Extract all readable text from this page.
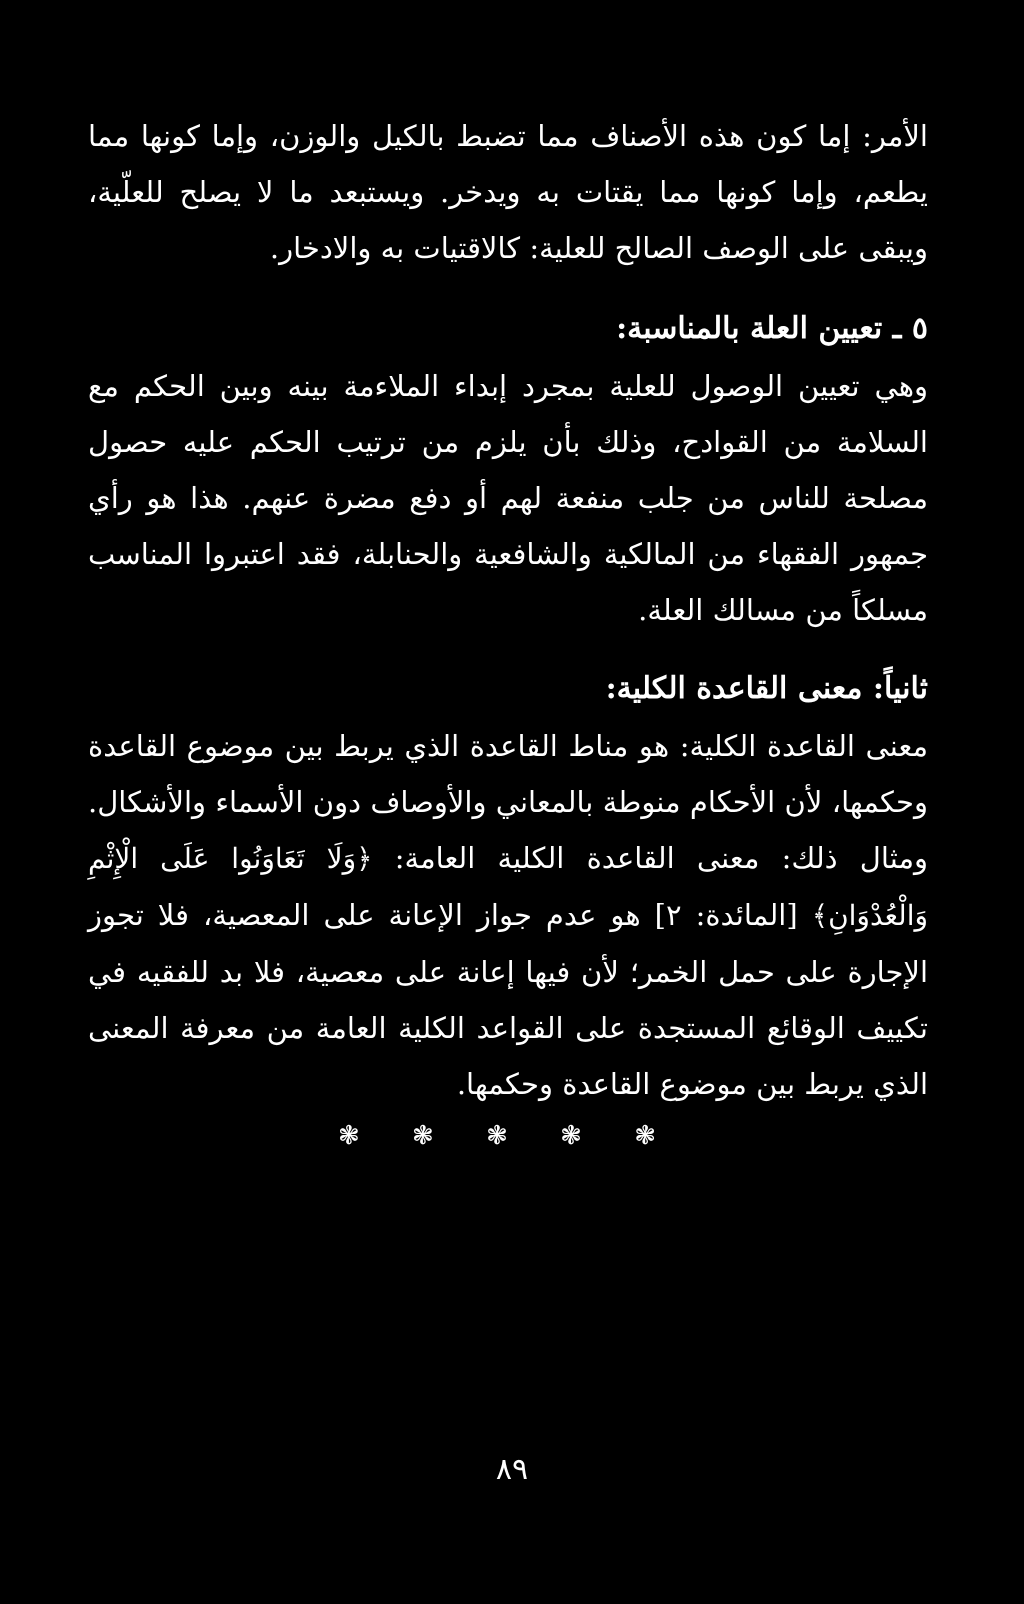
الأمر: إما كون هذه الأصناف مما تضبط بالكيل والوزن، وإما كونها مما يطعم، وإما كونها مما يقتات به ويدخر. ويستبعد ما لا يصلح للعلّية، ويبقى على الوصف الصالح للعلية: كالاقتيات به والادخار.

٥ ـ تعيين العلة بالمناسبة:

وهي تعيين الوصول للعلية بمجرد إبداء الملاءمة بينه وبين الحكم مع السلامة من القوادح، وذلك بأن يلزم من ترتيب الحكم عليه حصول مصلحة للناس من جلب منفعة لهم أو دفع مضرة عنهم. هذا هو رأي جمهور الفقهاء من المالكية والشافعية والحنابلة، فقد اعتبروا المناسب مسلكاً من مسالك العلة.

ثانياً: معنى القاعدة الكلية:

معنى القاعدة الكلية: هو مناط القاعدة الذي يربط بين موضوع القاعدة وحكمها، لأن الأحكام منوطة بالمعاني والأوصاف دون الأسماء والأشكال. ومثال ذلك: معنى القاعدة الكلية العامة: ﴿وَلَا تَعَاوَنُوا عَلَى الْإِثْمِ وَالْعُدْوَانِ﴾ [المائدة: ٢] هو عدم جواز الإعانة على المعصية، فلا تجوز الإجارة على حمل الخمر؛ لأن فيها إعانة على معصية، فلا بد للفقيه في تكييف الوقائع المستجدة على القواعد الكلية العامة من معرفة المعنى الذي يربط بين موضوع القاعدة وحكمها.

❃ ❃ ❃ ❃ ❃
٨٩
